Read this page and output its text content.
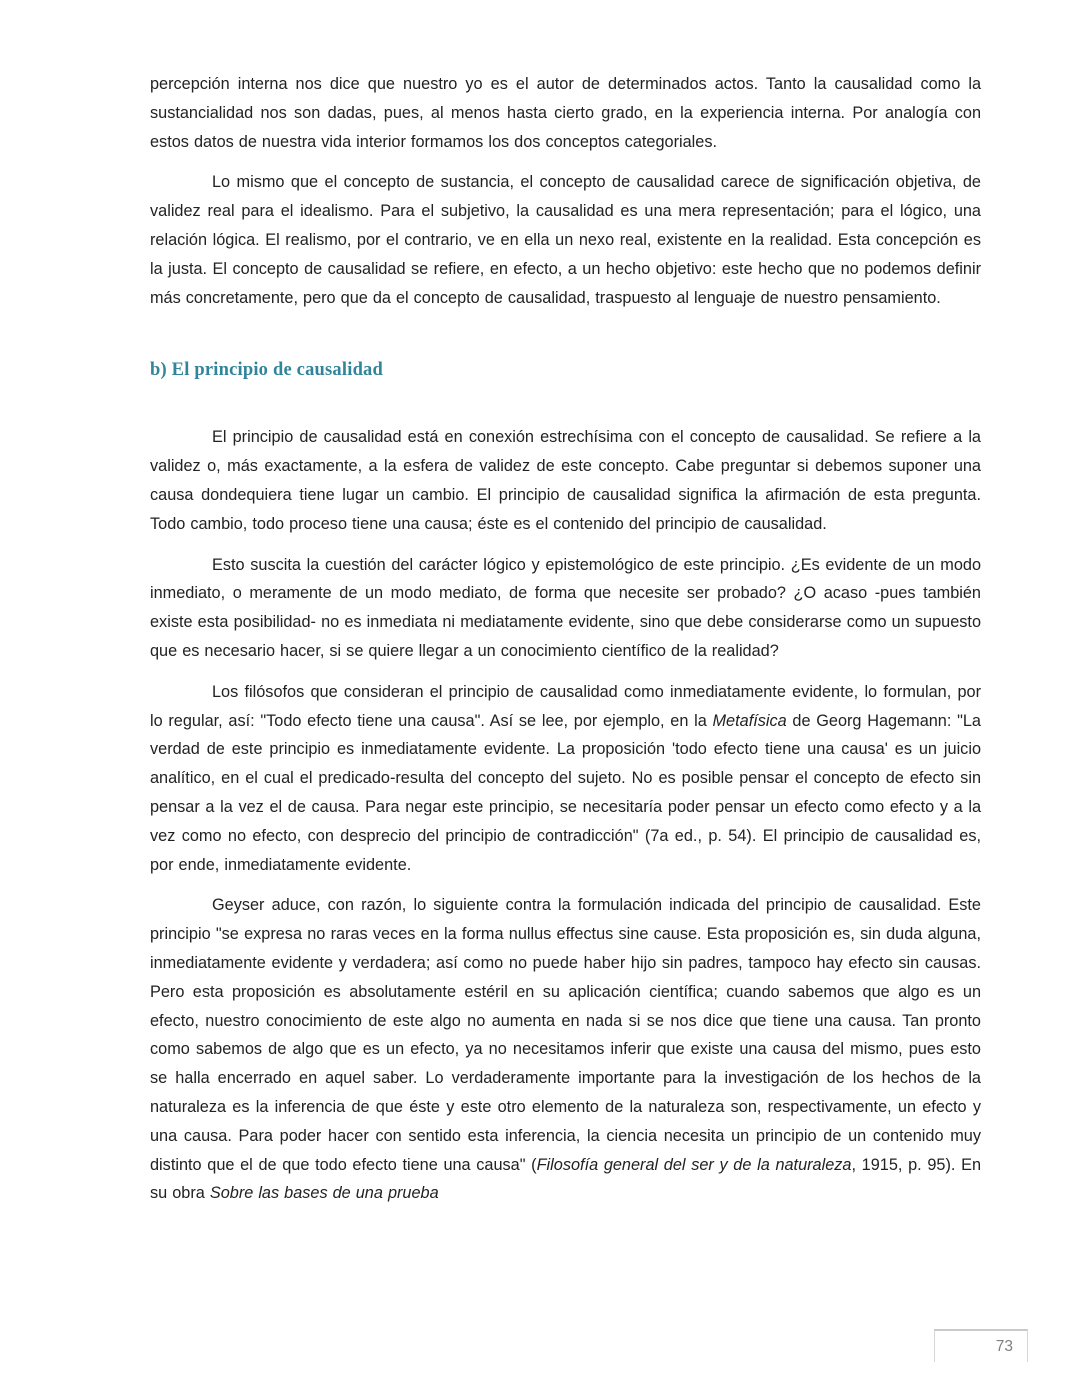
percepción interna nos dice que nuestro yo es el autor de determinados actos. Tanto la causalidad como la sustancialidad nos son dadas, pues, al menos hasta cierto grado, en la experiencia interna. Por analogía con estos datos de nuestra vida interior formamos los dos conceptos categoriales.

Lo mismo que el concepto de sustancia, el concepto de causalidad carece de significación objetiva, de validez real para el idealismo. Para el subjetivo, la causalidad es una mera representación; para el lógico, una relación lógica. El realismo, por el contrario, ve en ella un nexo real, existente en la realidad. Esta concepción es la justa. El concepto de causalidad se refiere, en efecto, a un hecho objetivo: este hecho que no podemos definir más concretamente, pero que da el concepto de causalidad, traspuesto al lenguaje de nuestro pensamiento.

b) El principio de causalidad

El principio de causalidad está en conexión estrechísima con el concepto de causalidad. Se refiere a la validez o, más exactamente, a la esfera de validez de este concepto. Cabe preguntar si debemos suponer una causa dondequiera tiene lugar un cambio. El principio de causalidad significa la afirmación de esta pregunta. Todo cambio, todo proceso tiene una causa; éste es el contenido del principio de causalidad.

Esto suscita la cuestión del carácter lógico y epistemológico de este principio. ¿Es evidente de un modo inmediato, o meramente de un modo mediato, de forma que necesite ser probado? ¿O acaso -pues también existe esta posibilidad- no es inmediata ni mediatamente evidente, sino que debe considerarse como un supuesto que es necesario hacer, si se quiere llegar a un conocimiento científico de la realidad?

Los filósofos que consideran el principio de causalidad como inmediatamente evidente, lo formulan, por lo regular, así: "Todo efecto tiene una causa". Así se lee, por ejemplo, en la Metafísica de Georg Hagemann: "La verdad de este principio es inmediatamente evidente. La proposición 'todo efecto tiene una causa' es un juicio analítico, en el cual el predicado-resulta del concepto del sujeto. No es posible pensar el concepto de efecto sin pensar a la vez el de causa. Para negar este principio, se necesitaría poder pensar un efecto como efecto y a la vez como no efecto, con desprecio del principio de contradicción" (7a ed., p. 54). El principio de causalidad es, por ende, inmediatamente evidente.

Geyser aduce, con razón, lo siguiente contra la formulación indicada del principio de causalidad. Este principio "se expresa no raras veces en la forma nullus effectus sine cause. Esta proposición es, sin duda alguna, inmediatamente evidente y verdadera; así como no puede haber hijo sin padres, tampoco hay efecto sin causas. Pero esta proposición es absolutamente estéril en su aplicación científica; cuando sabemos que algo es un efecto, nuestro conocimiento de este algo no aumenta en nada si se nos dice que tiene una causa. Tan pronto como sabemos de algo que es un efecto, ya no necesitamos inferir que existe una causa del mismo, pues esto se halla encerrado en aquel saber. Lo verdaderamente importante para la investigación de los hechos de la naturaleza es la inferencia de que éste y este otro elemento de la naturaleza son, respectivamente, un efecto y una causa. Para poder hacer con sentido esta inferencia, la ciencia necesita un principio de un contenido muy distinto que el de que todo efecto tiene una causa" (Filosofía general del ser y de la naturaleza, 1915, p. 95). En su obra Sobre las bases de una prueba

73
